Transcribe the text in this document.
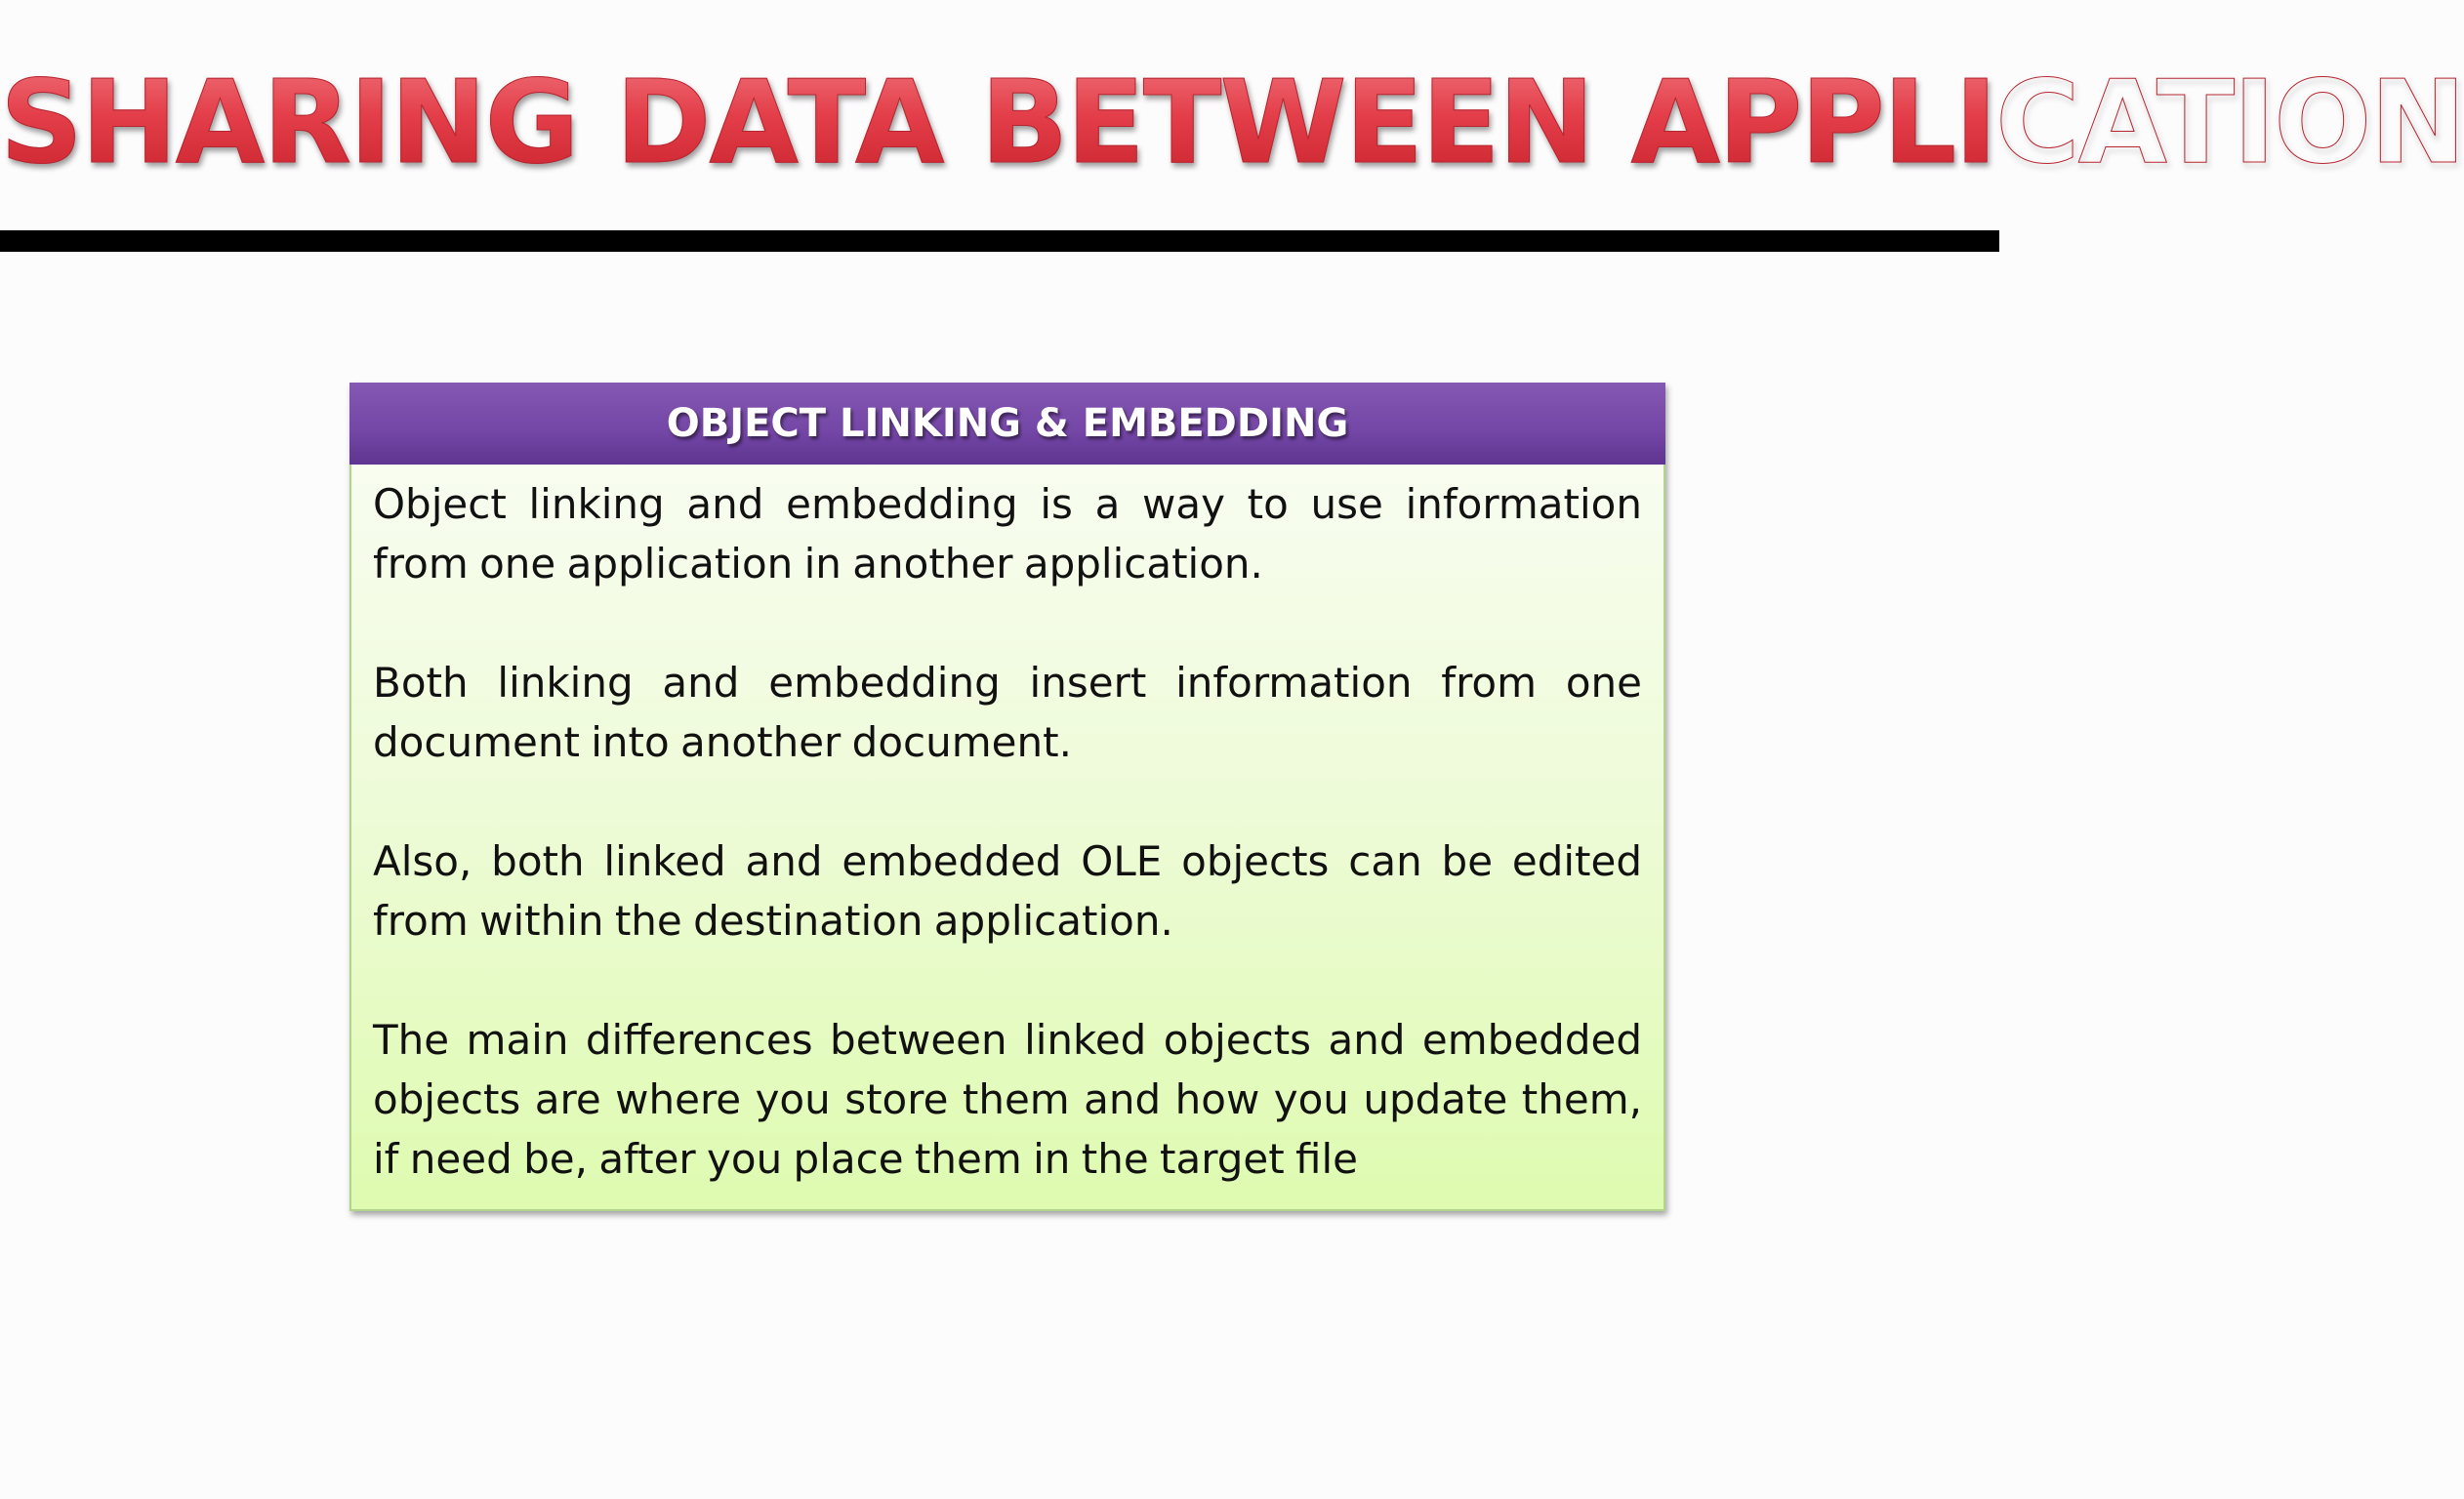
SHARING DATA BETWEEN APPLICATION
OBJECT LINKING & EMBEDDING

Object linking and embedding is a way to use information from one application in another application.

Both linking and embedding insert information from one document into another document.

Also, both linked and embedded OLE objects can be edited from within the destination application.

The main differences between linked objects and embedded objects are where you store them and how you update them, if need be, after you place them in the target file
